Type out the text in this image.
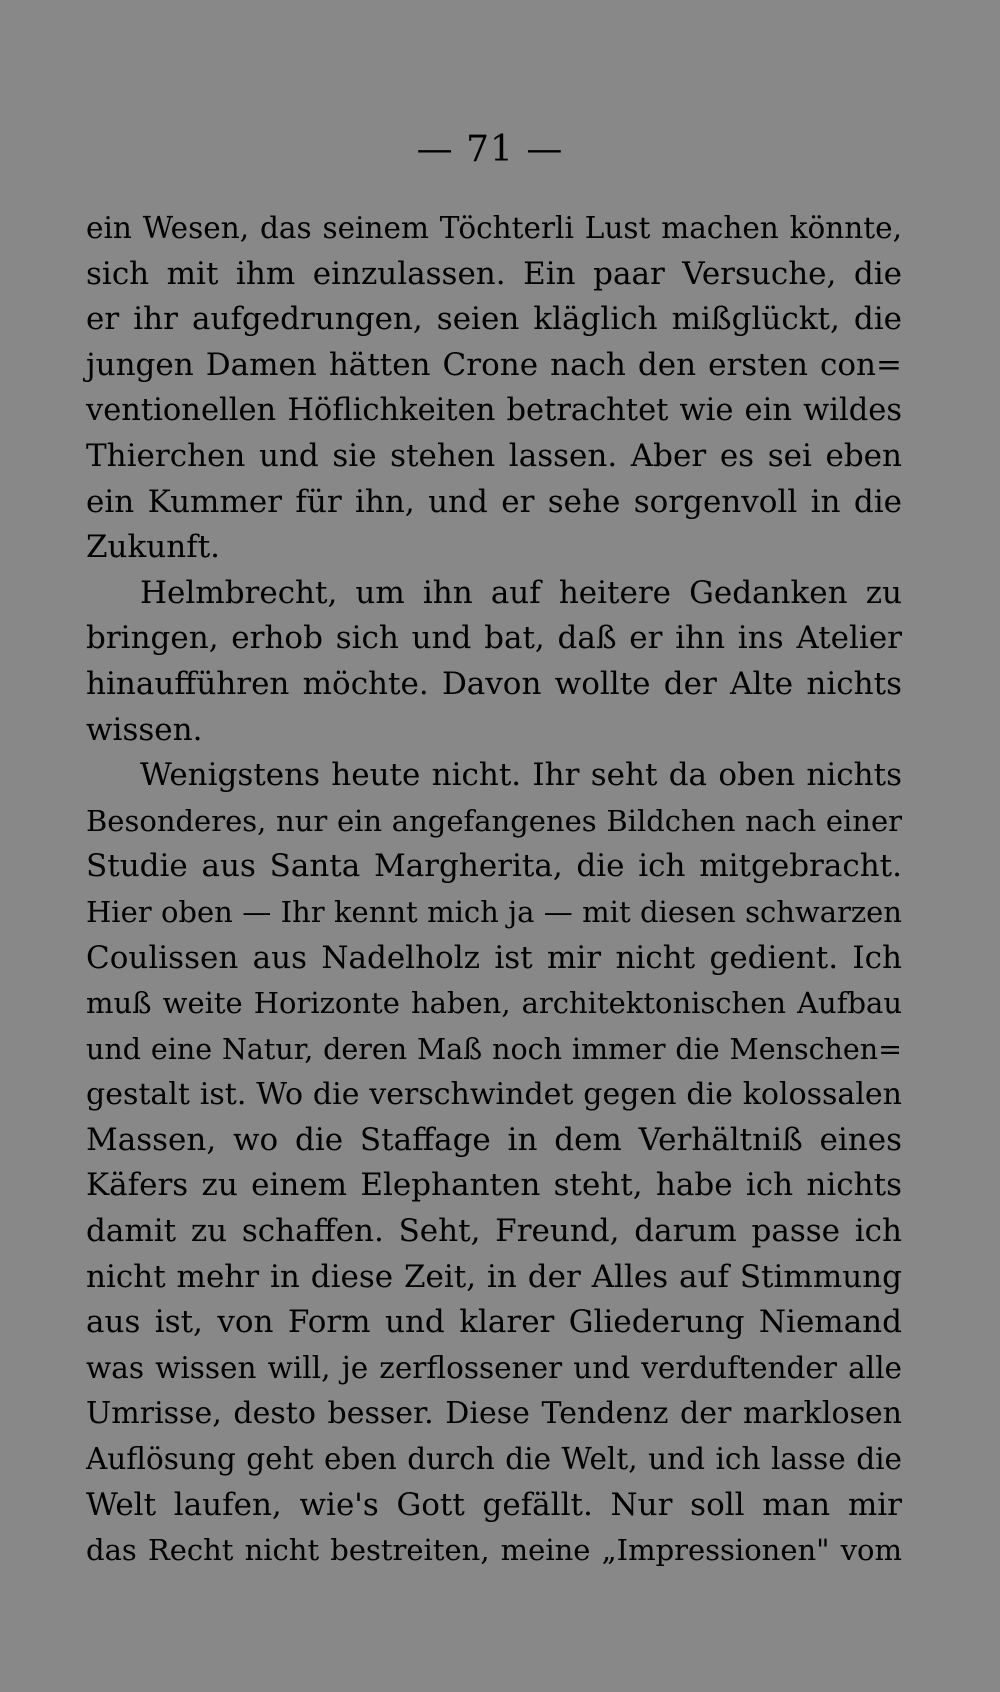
— 71 —
ein Wesen, das seinem Töchterli Lust machen könnte,
sich mit ihm einzulassen. Ein paar Versuche, die
er ihr aufgedrungen, seien kläglich mißglückt, die
jungen Damen hätten Crone nach den ersten con=
ventionellen Höflichkeiten betrachtet wie ein wildes
Thierchen und sie stehen lassen. Aber es sei eben
ein Kummer für ihn, und er sehe sorgenvoll in die
Zukunft.
Helmbrecht, um ihn auf heitere Gedanken zu
bringen, erhob sich und bat, daß er ihn ins Atelier
hinaufführen möchte. Davon wollte der Alte nichts
wissen.
Wenigstens heute nicht. Ihr seht da oben nichts
Besonderes, nur ein angefangenes Bildchen nach einer
Studie aus Santa Margherita, die ich mitgebracht.
Hier oben — Ihr kennt mich ja — mit diesen schwarzen
Coulissen aus Nadelholz ist mir nicht gedient. Ich
muß weite Horizonte haben, architektonischen Aufbau
und eine Natur, deren Maß noch immer die Menschen=
gestalt ist. Wo die verschwindet gegen die kolossalen
Massen, wo die Staffage in dem Verhältniß eines
Käfers zu einem Elephanten steht, habe ich nichts
damit zu schaffen. Seht, Freund, darum passe ich
nicht mehr in diese Zeit, in der Alles auf Stimmung
aus ist, von Form und klarer Gliederung Niemand
was wissen will, je zerflossener und verduftender alle
Umrisse, desto besser. Diese Tendenz der marklosen
Auflösung geht eben durch die Welt, und ich lasse die
Welt laufen, wie's Gott gefällt. Nur soll man mir
das Recht nicht bestreiten, meine „Impressionen" vom
